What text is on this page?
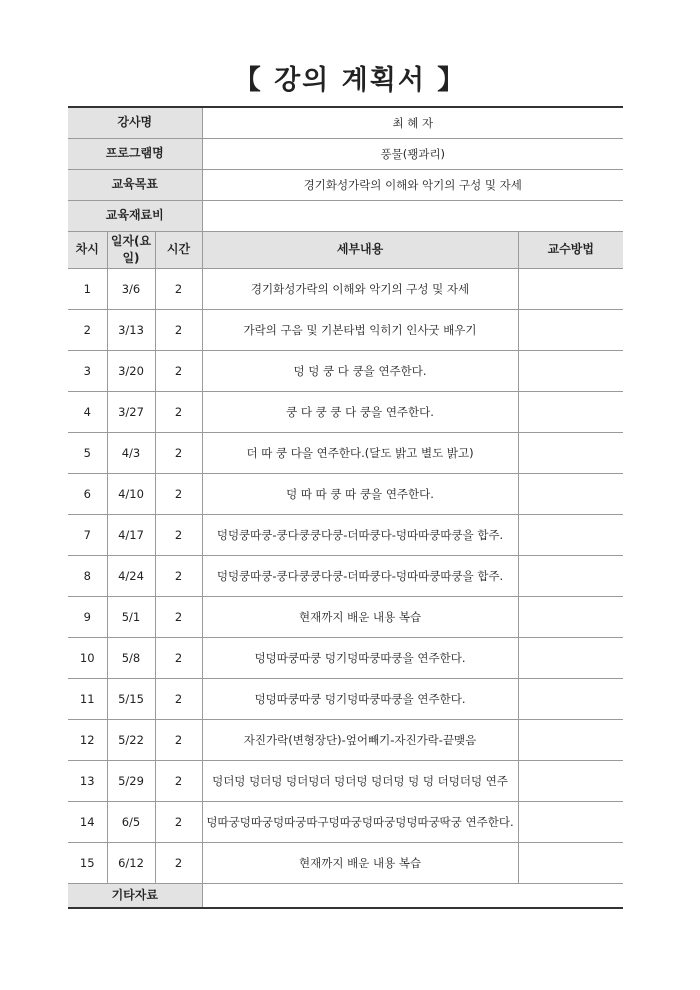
【 강의 계획서 】
강사명			최 혜 자	
프로그램명			풍물(꽹과리)	
교육목표			경기화성가락의 이해와 악기의 구성 및 자세	
교육재료비				
차시	일자(요일)	시간	세부내용	교수방법
1	3/6	2	경기화성가락의 이해와 악기의 구성 및 자세	
2	3/13	2	가락의 구음 및 기본타법 익히기 인사굿 배우기	
3	3/20	2	덩 덩 쿵 다 쿵을 연주한다.	
4	3/27	2	쿵 다 쿵 쿵 다 쿵을 연주한다.	
5	4/3	2	더 따 쿵 다을 연주한다.(달도 밝고 별도 밝고)	
6	4/10	2	덩 따 따 쿵 따 쿵을 연주한다.	
7	4/17	2	덩덩쿵따쿵-쿵다쿵쿵다쿵-더따쿵다-덩따따쿵따쿵을 합주.	
8	4/24	2	덩덩쿵따쿵-쿵다쿵쿵다쿵-더따쿵다-덩따따쿵따쿵을 합주.	
9	5/1	2	현재까지 배운 내용 복습	
10	5/8	2	덩덩따쿵따쿵 덩기덩따쿵따쿵을 연주한다.	
11	5/15	2	덩덩따쿵따쿵 덩기덩따쿵따쿵을 연주한다.	
12	5/22	2	자진가락(변형장단)-엎어빼기-자진가락-끝맺음	
13	5/29	2	덩더덩 덩더덩 덩더덩더 덩더덩 덩더덩 덩 덩 더덩더덩 연주	
14	6/5	2	덩따궁덩따궁덩따궁따구덩따궁덩따궁덩덩따궁딱궁 연주한다.	
15	6/12	2	현재까지 배운 내용 복습	
기타자료				
